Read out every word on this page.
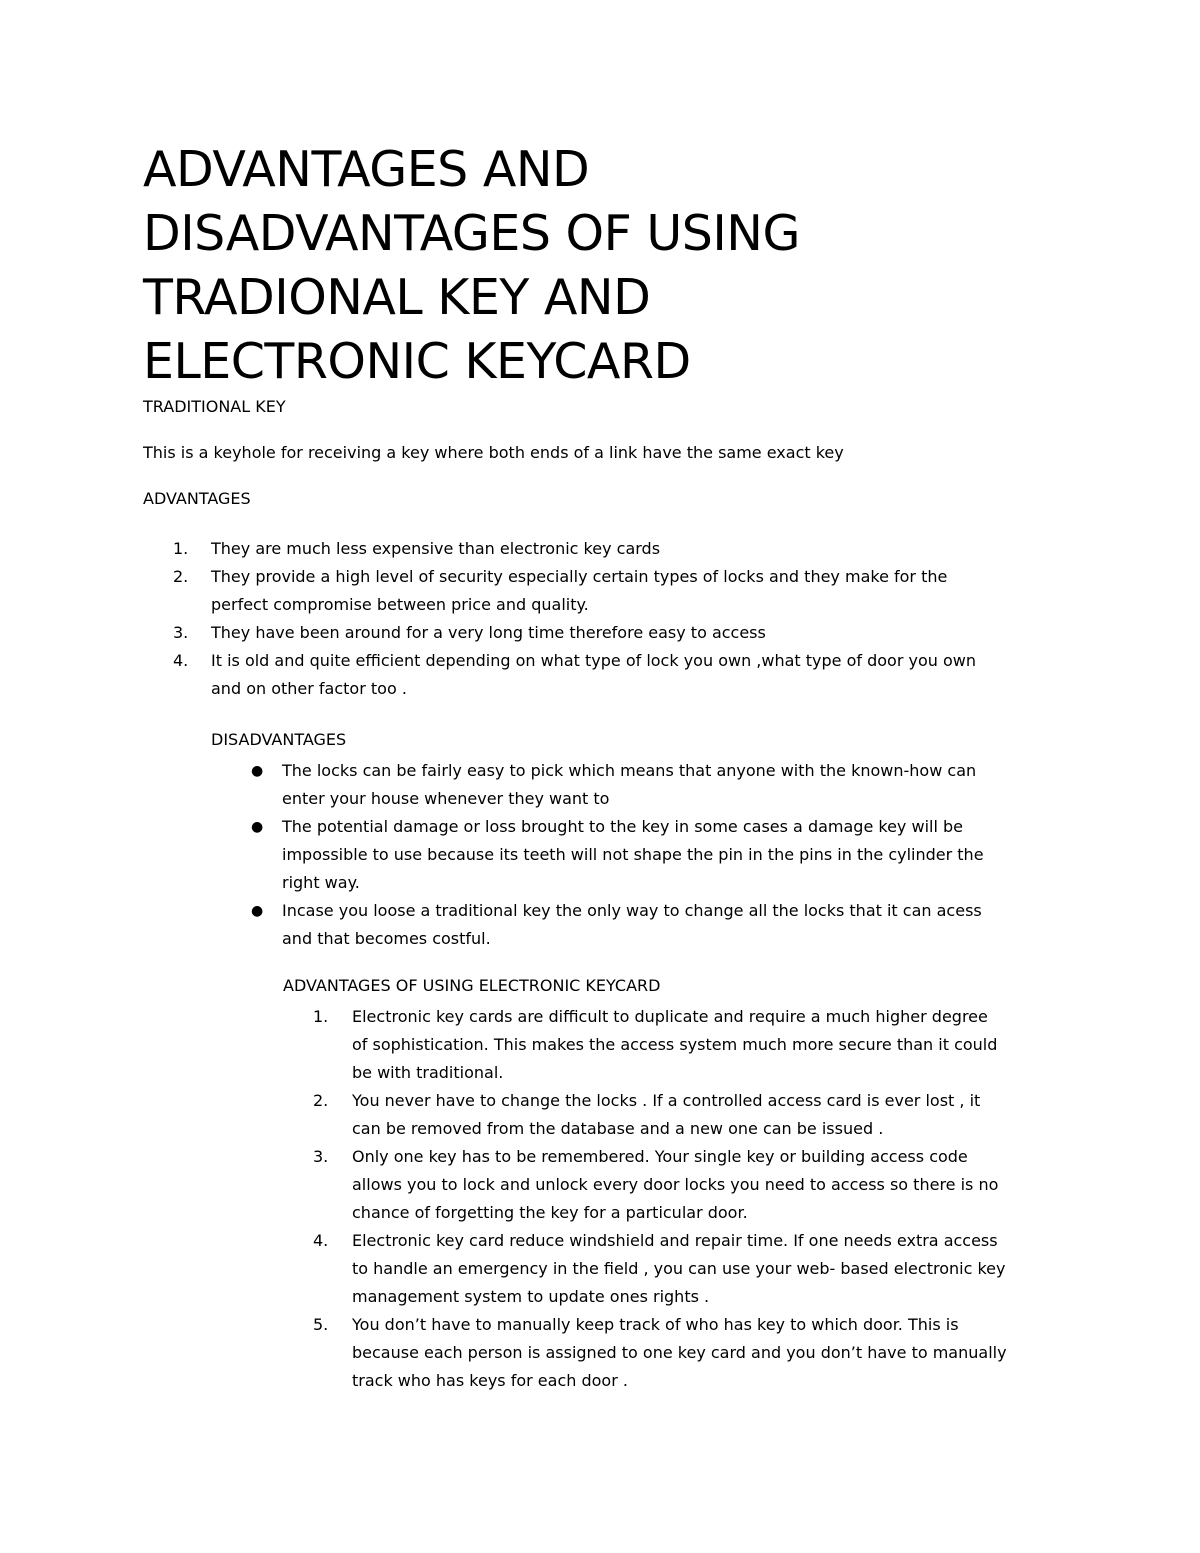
ADVANTAGES AND
DISADVANTAGES OF USING
TRADIONAL KEY AND
ELECTRONIC KEYCARD
TRADITIONAL KEY
This is a keyhole for receiving a key where both ends of a link have the same exact key
ADVANTAGES
1.	They are much less expensive than electronic key cards
2.	They provide a high level of security especially certain types of locks and they make for the
perfect compromise between price and quality.
3.	They have been around for a very long time therefore easy to access
4.	It is old and quite efficient depending on what type of lock you own ,what type of door you own
and on other factor too .
DISADVANTAGES
● The locks can be fairly easy to pick which means that anyone with the known-how can
enter your house whenever they want to
● The potential damage or loss brought to the key in some cases a damage key will be
impossible to use because its teeth will not shape the pin in the pins in the cylinder the
right way.
● Incase you loose a traditional key the only way to change all the locks that it can acess
and that becomes costful.
ADVANTAGES OF USING ELECTRONIC KEYCARD
1.	Electronic key cards are difficult to duplicate and require a much higher degree
of sophistication. This makes the access system much more secure than it could
be with traditional.
2.	You never have to change the locks . If a controlled access card is ever lost , it
can be removed from the database and a new one can be issued .
3.	Only one key has to be remembered. Your single key or building access code
allows you to lock and unlock every door locks you need to access so there is no
chance of forgetting the key for a particular door.
4.	Electronic key card reduce windshield and repair time. If one needs extra access
to handle an emergency in the field , you can use your web- based electronic key
management system to update ones rights .
5.	You don’t have to manually keep track of who has key to which door. This is
because each person is assigned to one key card and you don’t have to manually
track who has keys for each door .
